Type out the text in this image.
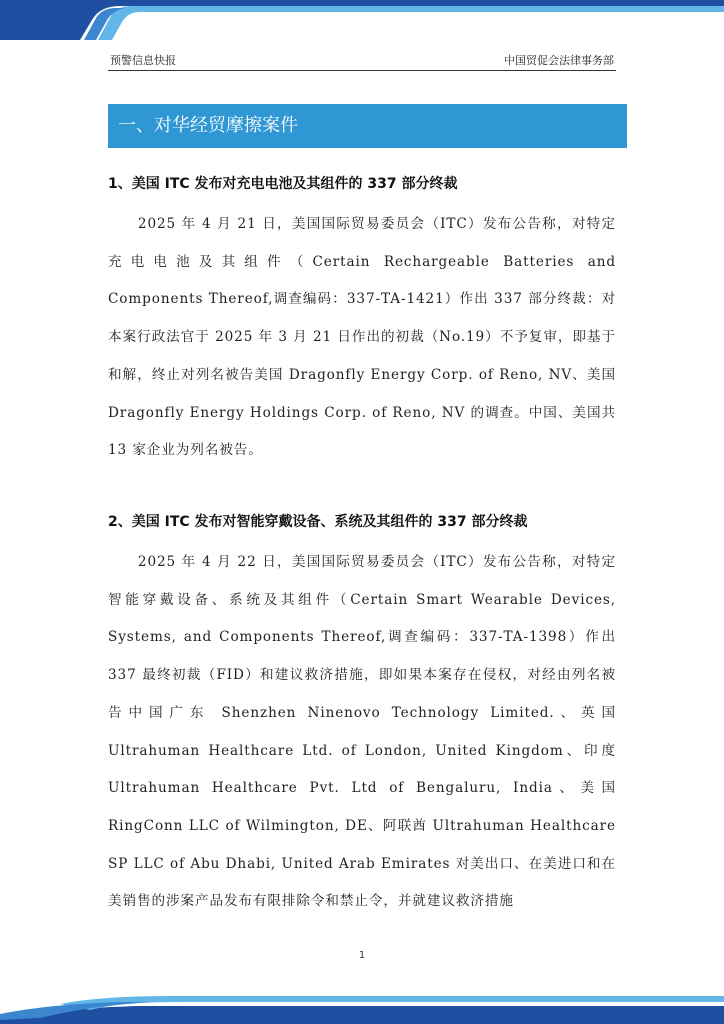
预警信息快报	中国贸促会法律事务部
一、对华经贸摩擦案件
1、美国 ITC 发布对充电电池及其组件的 337 部分终裁

2025 年 4 月 21 日，美国国际贸易委员会（ITC）发布公告称，对特定充电电池及其组件（Certain Rechargeable Batteries and Components Thereof,调查编码：337-TA-1421）作出 337 部分终裁：对本案行政法官于 2025 年 3 月 21 日作出的初裁（No.19）不予复审，即基于和解，终止对列名被告美国 Dragonfly Energy Corp. of Reno, NV、美国 Dragonfly Energy Holdings Corp. of Reno, NV 的调查。中国、美国共 13 家企业为列名被告。

2、美国 ITC 发布对智能穿戴设备、系统及其组件的 337 部分终裁

2025 年 4 月 22 日，美国国际贸易委员会（ITC）发布公告称，对特定智能穿戴设备、系统及其组件（Certain Smart Wearable Devices, Systems, and Components Thereof,调查编码：337-TA-1398）作出 337 最终初裁（FID）和建议救济措施，即如果本案存在侵权，对经由列名被告中国广东 Shenzhen Ninenovo Technology Limited.、英国 Ultrahuman Healthcare Ltd. of London, United Kingdom、印度 Ultrahuman Healthcare Pvt. Ltd of Bengaluru, India、美国 RingConn LLC of Wilmington, DE、阿联酋 Ultrahuman Healthcare SP LLC of Abu Dhabi, United Arab Emirates 对美出口、在美进口和在美销售的涉案产品发布有限排除令和禁止令，并就建议救济措施

1
